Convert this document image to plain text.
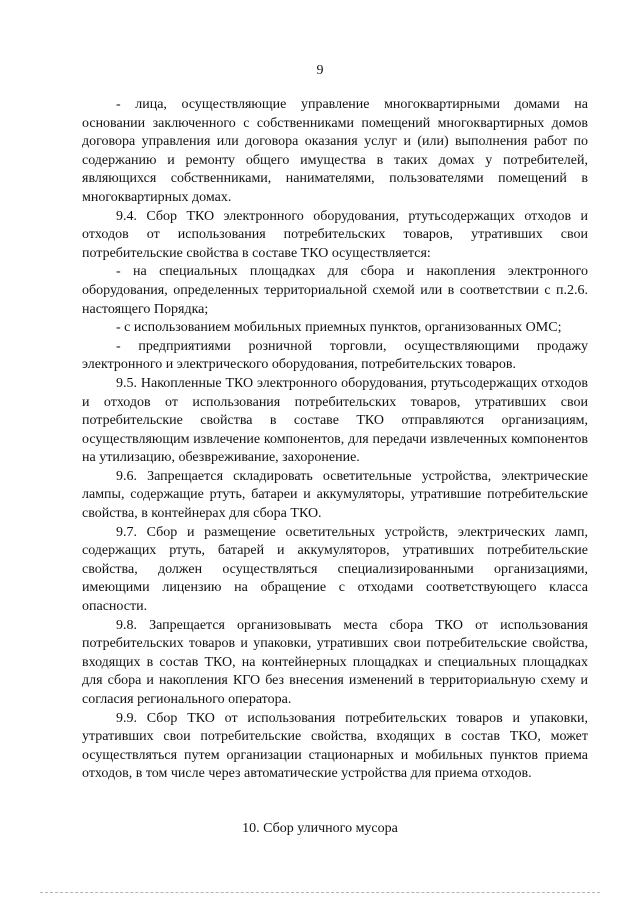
9

- лица, осуществляющие управление многоквартирными домами на основании заключенного с собственниками помещений многоквартирных домов договора управления или договора оказания услуг и (или) выполнения работ по содержанию и ремонту общего имущества в таких домах у потребителей, являющихся собственниками, нанимателями, пользователями помещений в многоквартирных домах.

9.4. Сбор ТКО электронного оборудования, ртутьсодержащих отходов и отходов от использования потребительских товаров, утративших свои потребительские свойства в составе ТКО осуществляется:

- на специальных площадках для сбора и накопления электронного оборудования, определенных территориальной схемой или в соответствии с п.2.6. настоящего Порядка;

- с использованием мобильных приемных пунктов, организованных ОМС;

- предприятиями розничной торговли, осуществляющими продажу электронного и электрического оборудования, потребительских товаров.

9.5. Накопленные ТКО электронного оборудования, ртутьсодержащих отходов и отходов от использования потребительских товаров, утративших свои потребительские свойства в составе ТКО отправляются организациям, осуществляющим извлечение компонентов, для передачи извлеченных компонентов на утилизацию, обезвреживание, захоронение.

9.6. Запрещается складировать осветительные устройства, электрические лампы, содержащие ртуть, батареи и аккумуляторы, утратившие потребительские свойства, в контейнерах для сбора ТКО.

9.7. Сбор и размещение осветительных устройств, электрических ламп, содержащих ртуть, батарей и аккумуляторов, утративших потребительские свойства, должен осуществляться специализированными организациями, имеющими лицензию на обращение с отходами соответствующего класса опасности.

9.8. Запрещается организовывать места сбора ТКО от использования потребительских товаров и упаковки, утративших свои потребительские свойства, входящих в состав ТКО, на контейнерных площадках и специальных площадках для сбора и накопления КГО без внесения изменений в территориальную схему и согласия регионального оператора.

9.9. Сбор ТКО от использования потребительских товаров и упаковки, утративших свои потребительские свойства, входящих в состав ТКО, может осуществляться путем организации стационарных и мобильных пунктов приема отходов, в том числе через автоматические устройства для приема отходов.

10. Сбор уличного мусора
